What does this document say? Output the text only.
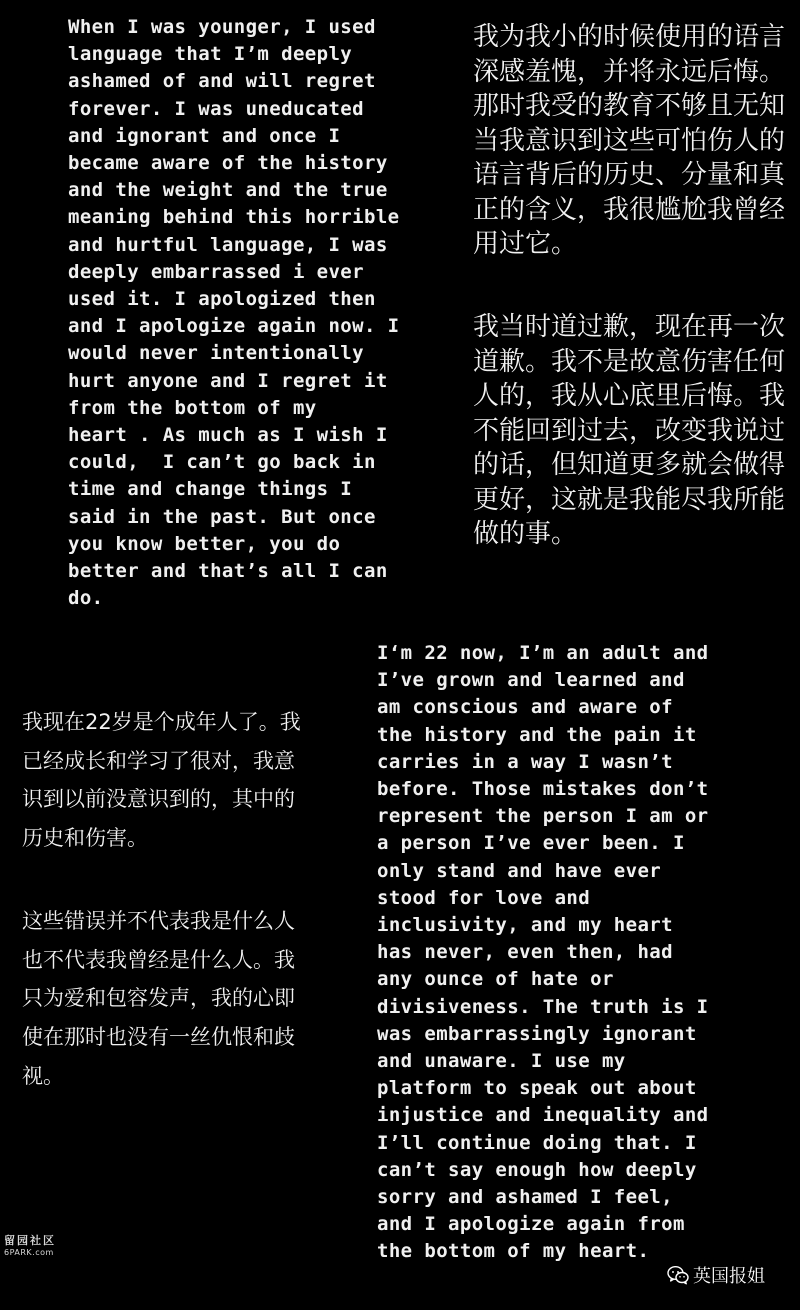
When I was younger, I used
language that I’m deeply
ashamed of and will regret
forever. I was uneducated
and ignorant and once I
became aware of the history
and the weight and the true
meaning behind this horrible
and hurtful language, I was
deeply embarrassed i ever
used it. I apologized then
and I apologize again now. I
would never intentionally
hurt anyone and I regret it
from the bottom of my
heart . As much as I wish I
could,  I can’t go back in
time and change things I
said in the past. But once
you know better, you do
better and that’s all I can
do.
我为我小的时候使用的语言
深感羞愧，并将永远后悔。
那时我受的教育不够且无知
当我意识到这些可怕伤人的
语言背后的历史、分量和真
正的含义，我很尴尬我曾经
用过它。
我当时道过歉，现在再一次
道歉。我不是故意伤害任何
人的，我从心底里后悔。我
不能回到过去，改变我说过
的话，但知道更多就会做得
更好，这就是我能尽我所能
做的事。
我现在22岁是个成年人了。我
已经成长和学习了很对，我意
识到以前没意识到的，其中的
历史和伤害。
这些错误并不代表我是什么人
也不代表我曾经是什么人。我
只为爱和包容发声，我的心即
使在那时也没有一丝仇恨和歧
视。
I‘m 22 now, I’m an adult and
I’ve grown and learned and
am conscious and aware of
the history and the pain it
carries in a way I wasn’t
before. Those mistakes don’t
represent the person I am or
a person I’ve ever been. I
only stand and have ever
stood for love and
inclusivity, and my heart
has never, even then, had
any ounce of hate or
divisiveness. The truth is I
was embarrassingly ignorant
and unaware. I use my
platform to speak out about
injustice and inequality and
I’ll continue doing that. I
can’t say enough how deeply
sorry and ashamed I feel,
and I apologize again from
the bottom of my heart.
留园社区
6PARK.com
英国报姐
